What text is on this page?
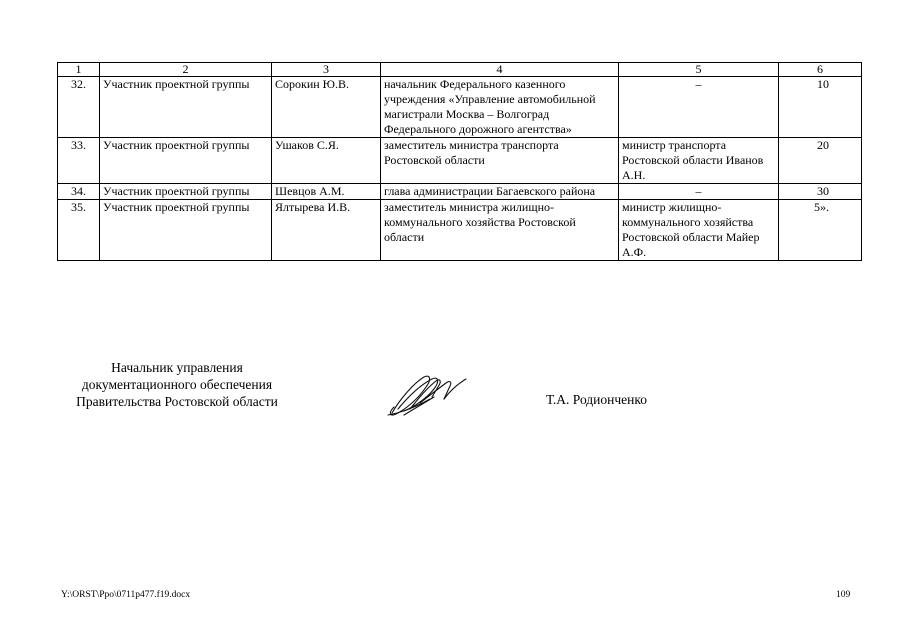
1	2	3	4	5	6
32.	Участник проектной группы	Сорокин Ю.В.	начальник Федерального казенного учреждения «Управление автомобильной магистрали Москва – Волгоград Федерального дорожного агентства»	–	10
33.	Участник проектной группы	Ушаков С.Я.	заместитель министра транспорта Ростовской области	министр транспорта Ростовской области Иванов А.Н.	20
34.	Участник проектной группы	Шевцов А.М.	глава администрации Багаевского района	–	30
35.	Участник проектной группы	Ялтырева И.В.	заместитель министра жилищно-коммунального хозяйства Ростовской области	министр жилищно-коммунального хозяйства Ростовской области Майер А.Ф.	5».
Начальник управления
документационного обеспечения
Правительства Ростовской области	Т.А. Родионченко
Y:\ORST\Ppo\0711p477.f19.docx	109
